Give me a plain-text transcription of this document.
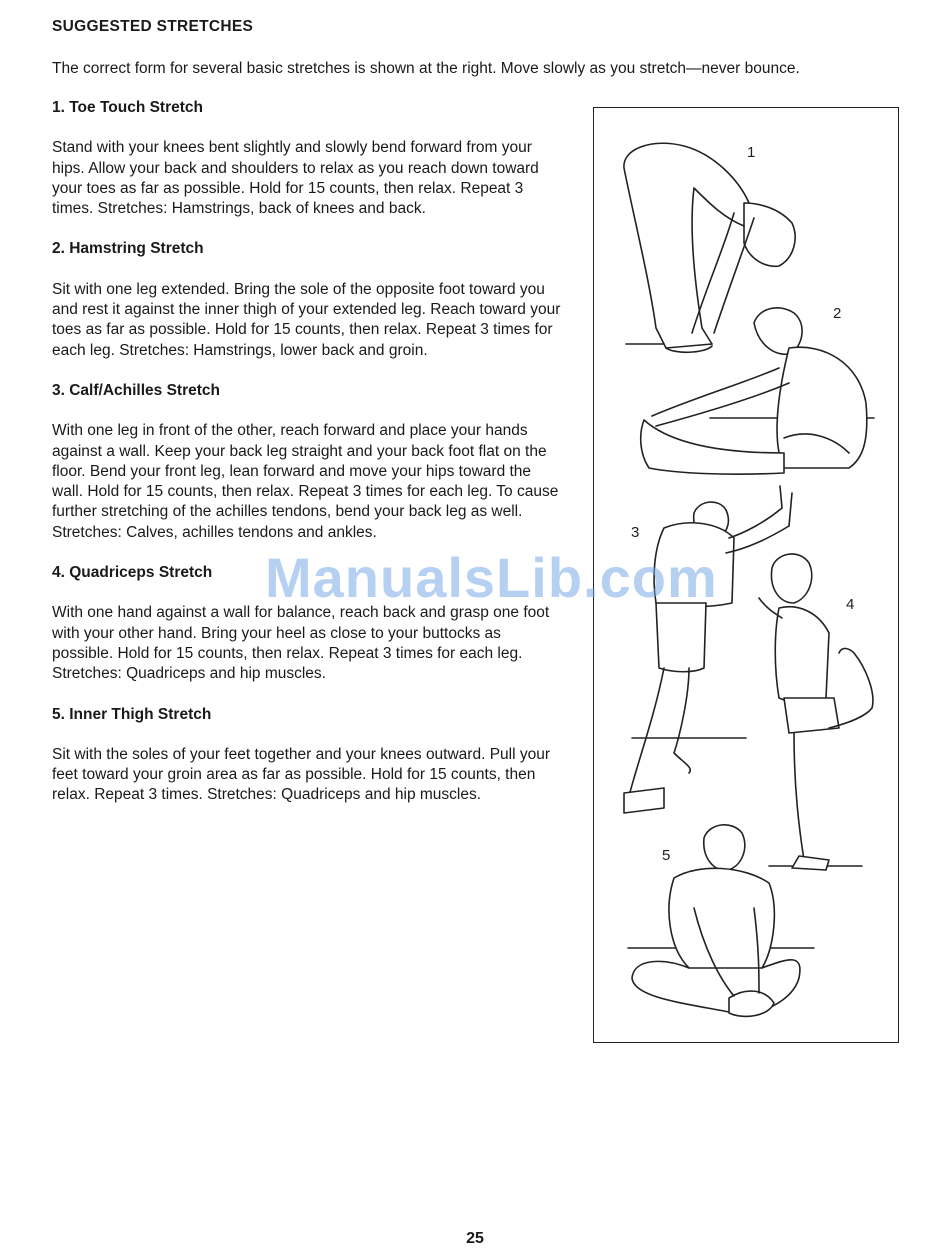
SUGGESTED STRETCHES
The correct form for several basic stretches is shown at the right. Move slowly as you stretch—never bounce.
1. Toe Touch Stretch
Stand with your knees bent slightly and slowly bend forward from your hips. Allow your back and shoulders to relax as you reach down toward your toes as far as possible. Hold for 15 counts, then relax. Repeat 3 times. Stretches: Hamstrings, back of knees and back.
2. Hamstring Stretch
Sit with one leg extended. Bring the sole of the opposite foot toward you and rest it against the inner thigh of your extended leg. Reach toward your toes as far as possible. Hold for 15 counts, then relax. Repeat 3 times for each leg. Stretches: Hamstrings, lower back and groin.
3. Calf/Achilles Stretch
With one leg in front of the other, reach forward and place your hands against a wall. Keep your back leg straight and your back foot flat on the floor. Bend your front leg, lean forward and move your hips toward the wall. Hold for 15 counts, then relax. Repeat 3 times for each leg. To cause further stretching of the achilles tendons, bend your back leg as well. Stretches: Calves, achilles tendons and ankles.
4. Quadriceps Stretch
With one hand against a wall for balance, reach back and grasp one foot with your other hand. Bring your heel as close to your buttocks as possible. Hold for 15 counts, then relax. Repeat 3 times for each leg. Stretches: Quadriceps and hip muscles.
5. Inner Thigh Stretch
Sit with the soles of your feet together and your knees outward. Pull your feet toward your groin area as far as possible. Hold for 15 counts, then relax. Repeat 3 times. Stretches: Quadriceps and hip muscles.
1
2
3
4
5
ManualsLib.com
25
